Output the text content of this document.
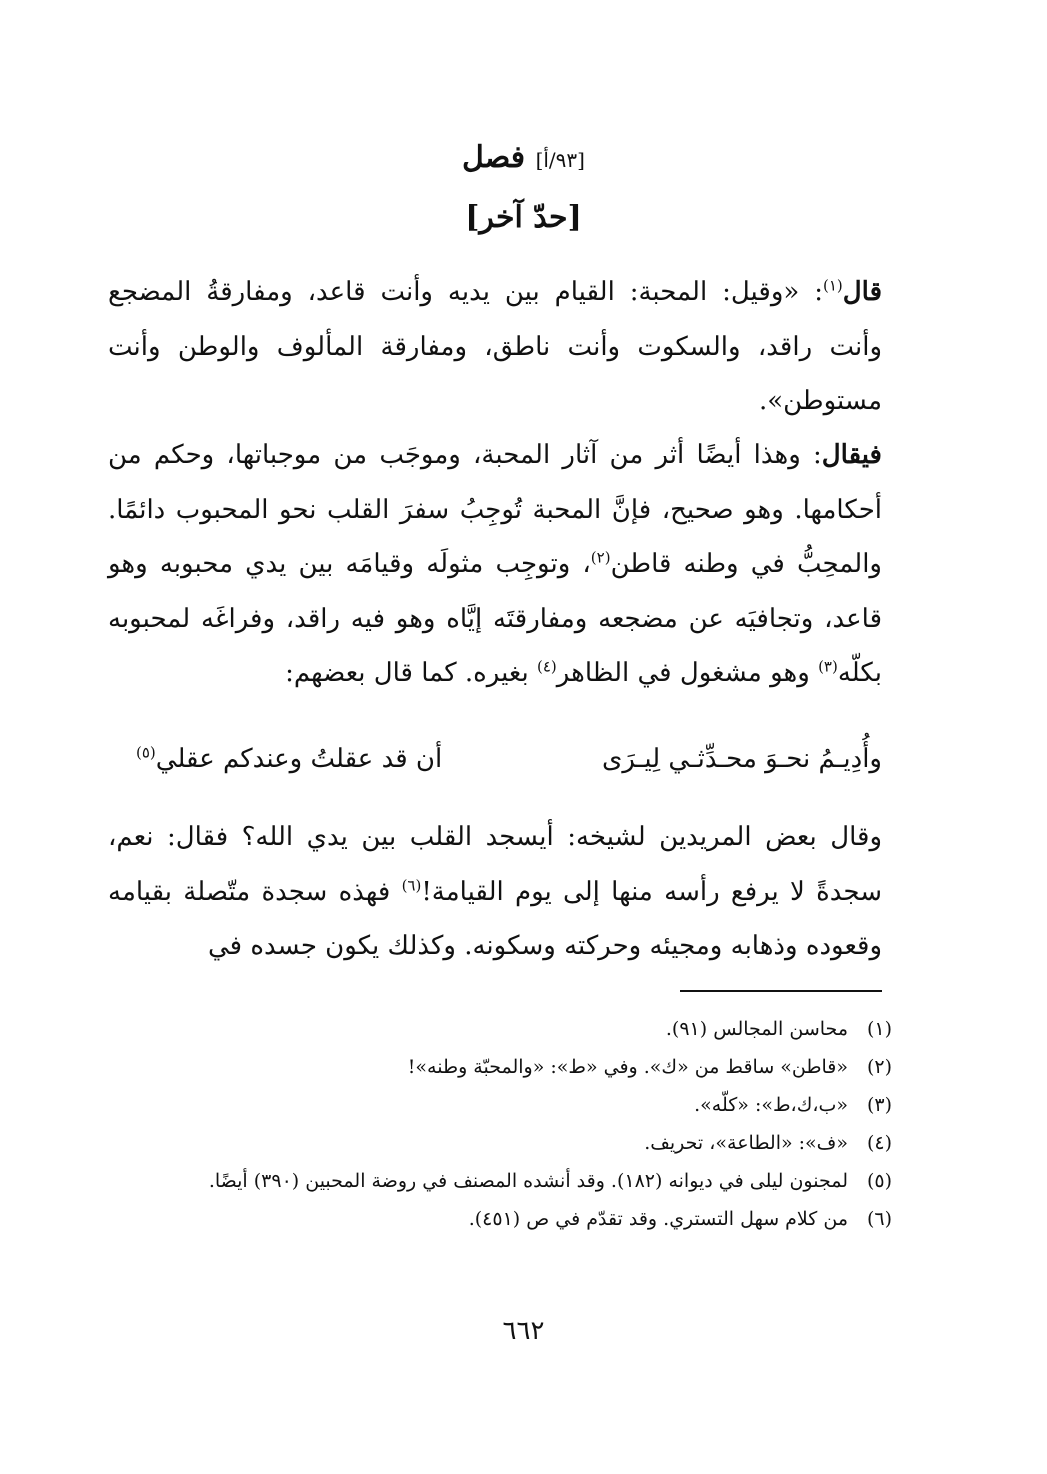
[٩٣/أ] فصل
[حدّ آخر]
قال$^{(١)}$: «وقيل: المحبة: القيام بين يديه وأنت قاعد، ومفارقةُ المضجع وأنت راقد، والسكوت وأنت ناطق، ومفارقة المألوف والوطن وأنت مستوطن».
فيقال: وهذا أيضًا أثر من آثار المحبة، وموجَب من موجباتها، وحكم من أحكامها. وهو صحيح، فإنَّ المحبة تُوجِبُ سفرَ القلب نحو المحبوب دائمًا. والمحِبُّ في وطنه قاطن$^{(٢)}$، وتوجِب مثولَه وقيامَه بين يدي محبوبه وهو قاعد، وتجافيَه عن مضجعه ومفارقتَه إيَّاه وهو فيه راقد، وفراغَه لمحبوبه بكلّه$^{(٣)}$ وهو مشغول في الظاهر$^{(٤)}$ بغيره. كما قال بعضهم:
وأُدِيـمُ نحـوَ محـدِّثـي لِيـرَى
أن قد عقلتُ وعندكم عقلي$^{(٥)}$
وقال بعض المريدين لشيخه: أيسجد القلب بين يدي الله؟ فقال: نعم، سجدةً لا يرفع رأسه منها إلى يوم القيامة!$^{(٦)}$ فهذه سجدة متّصلة بقيامه وقعوده وذهابه ومجيئه وحركته وسكونه. وكذلك يكون جسده في
(١)
محاسن المجالس (٩١).
(٢)
«قاطن» ساقط من «ك». وفي «ط»: «والمحبّة وطنه»!
(٣)
«ب،ك،ط»: «كلّه».
(٤)
«ف»: «الطاعة»، تحريف.
(٥)
لمجنون ليلى في ديوانه (١٨٢). وقد أنشده المصنف في روضة المحبين (٣٩٠) أيضًا.
(٦)
من كلام سهل التستري. وقد تقدّم في ص (٤٥١).
٦٦٢
